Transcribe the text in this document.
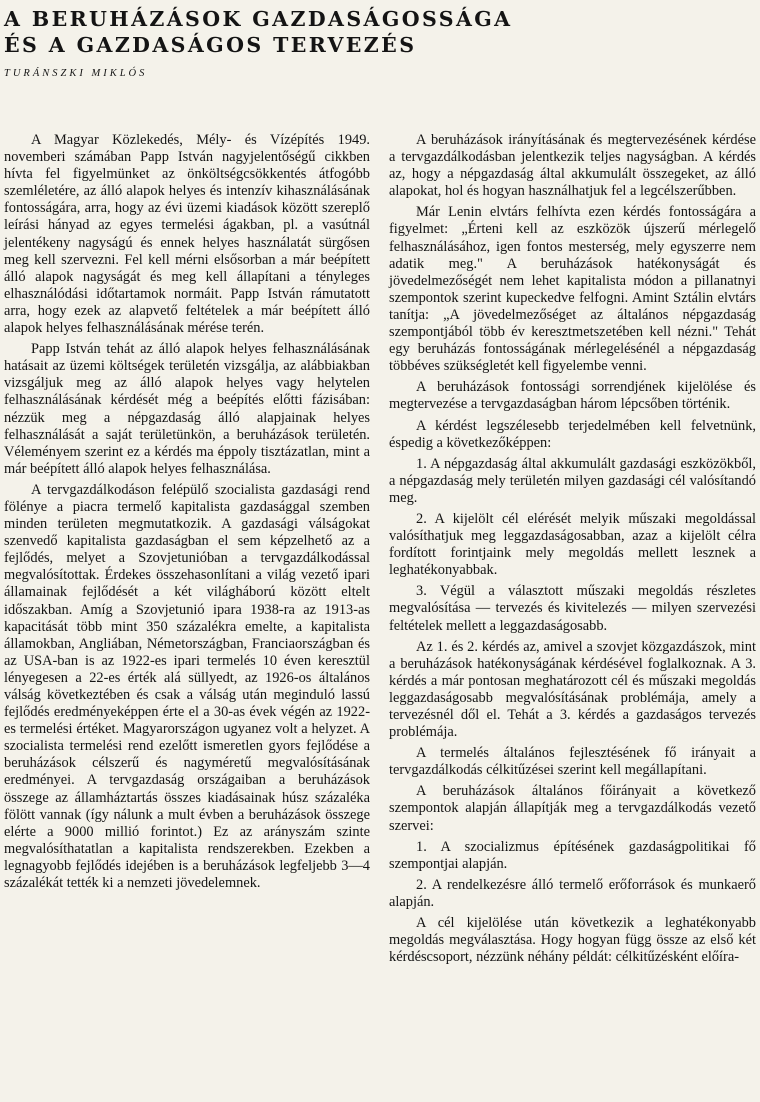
A BERUHÁZÁSOK GAZDASÁGOSSÁGA
ÉS A GAZDASÁGOS TERVEZÉS

TURÁNSZKI MIKLÓS

A Magyar Közlekedés, Mély- és Vízépítés 1949. novemberi számában Papp István nagyjelentőségű cikkben hívta fel figyelmünket az önköltségcsökkentés átfogóbb szemléletére, az álló alapok helyes és intenzív kihasználásának fontosságára, arra, hogy az évi üzemi kiadások között szereplő leírási hányad az egyes termelési ágakban, pl. a vasútnál jelentékeny nagyságú és ennek helyes használatát sürgősen meg kell szervezni. Fel kell mérni elsősorban a már beépített álló alapok nagyságát és meg kell állapítani a tényleges elhasználódási időtartamok normáit. Papp István rámutatott arra, hogy ezek az alapvető feltételek a már beépített álló alapok helyes felhasználásának mérése terén.

Papp István tehát az álló alapok helyes felhasználásának hatásait az üzemi költségek területén vizsgálja, az alábbiakban vizsgáljuk meg az álló alapok helyes vagy helytelen felhasználásának kérdését még a beépítés előtti fázisában: nézzük meg a népgazdaság álló alapjainak helyes felhasználását a saját területünkön, a beruházások területén. Véleményem szerint ez a kérdés ma éppoly tisztázatlan, mint a már beépített álló alapok helyes felhasználása.

A tervgazdálkodáson felépülő szocialista gazdasági rend fölénye a piacra termelő kapitalista gazdasággal szemben minden területen megmutatkozik. A gazdasági válságokat szenvedő kapitalista gazdaságban el sem képzelhető az a fejlődés, melyet a Szovjetunióban a tervgazdálkodással megvalósítottak. Érdekes összehasonlítani a világ vezető ipari államainak fejlődését a két világháború között eltelt időszakban. Amíg a Szovjetunió ipara 1938-ra az 1913-as kapacitását több mint 350 százalékra emelte, a kapitalista államokban, Angliában, Németországban, Franciaországban és az USA-ban is az 1922-es ipari termelés 10 éven keresztül lényegesen a 22-es érték alá süllyedt, az 1926-os általános válság következtében és csak a válság után meginduló lassú fejlődés eredményeképpen érte el a 30-as évek végén az 1922-es termelési értéket. Magyarországon ugyanez volt a helyzet. A szocialista termelési rend ezelőtt ismeretlen gyors fejlődése a beruházások célszerű és nagyméretű megvalósításának eredményei. A tervgazdaság országaiban a beruházások összege az államháztartás összes kiadásainak húsz százaléka fölött vannak (így nálunk a mult évben a beruházások összege elérte a 9000 millió forintot.) Ez az arányszám szinte megvalósíthatatlan a kapitalista rendszerekben. Ezekben a legnagyobb fejlődés idejében is a beruházások legfeljebb 3—4 százalékát tették ki a nemzeti jövedelemnek.

A beruházások irányításának és megtervezésének kérdése a tervgazdálkodásban jelentkezik teljes nagyságban. A kérdés az, hogy a népgazdaság által akkumulált összegeket, az álló alapokat, hol és hogyan használhatjuk fel a legcélszerűbben.

Már Lenin elvtárs felhívta ezen kérdés fontosságára a figyelmet: „Érteni kell az eszközök újszerű mérlegelő felhasználásához, igen fontos mesterség, mely egyszerre nem adatik meg." A beruházások hatékonyságát és jövedelmezőségét nem lehet kapitalista módon a pillanatnyi szempontok szerint kupeckedve felfogni. Amint Sztálin elvtárs tanítja: „A jövedelmezőséget az általános népgazdaság szempontjából több év keresztmetszetében kell nézni." Tehát egy beruházás fontosságának mérlegelésénél a népgazdaság többéves szükségletét kell figyelembe venni.

A beruházások fontossági sorrendjének kijelölése és megtervezése a tervgazdaságban három lépcsőben történik.

A kérdést legszélesebb terjedelmében kell felvetnünk, éspedig a következőképpen:

1. A népgazdaság által akkumulált gazdasági eszközökből, a népgazdaság mely területén milyen gazdasági cél valósítandó meg.

2. A kijelölt cél elérését melyik műszaki megoldással valósíthatjuk meg leggazdaságosabban, azaz a kijelölt célra fordított forintjaink mely megoldás mellett lesznek a leghatékonyabbak.

3. Végül a választott műszaki megoldás részletes megvalósítása — tervezés és kivitelezés — milyen szervezési feltételek mellett a leggazdaságosabb.

Az 1. és 2. kérdés az, amivel a szovjet közgazdászok, mint a beruházások hatékonyságának kérdésével foglalkoznak. A 3. kérdés a már pontosan meghatározott cél és műszaki megoldás leggazdaságosabb megvalósításának problémája, amely a tervezésnél dől el. Tehát a 3. kérdés a gazdaságos tervezés problémája.

A termelés általános fejlesztésének fő irányait a tervgazdálkodás célkitűzései szerint kell megállapítani.

A beruházások általános főirányait a következő szempontok alapján állapítják meg a tervgazdálkodás vezető szervei:

1. A szocializmus építésének gazdaságpolitikai fő szempontjai alapján.

2. A rendelkezésre álló termelő erőforrások és munkaerő alapján.

A cél kijelölése után következik a leghatékonyabb megoldás megválasztása. Hogy hogyan függ össze az első két kérdéscsoport, nézzünk néhány példát: célkitűzésként előíra-
